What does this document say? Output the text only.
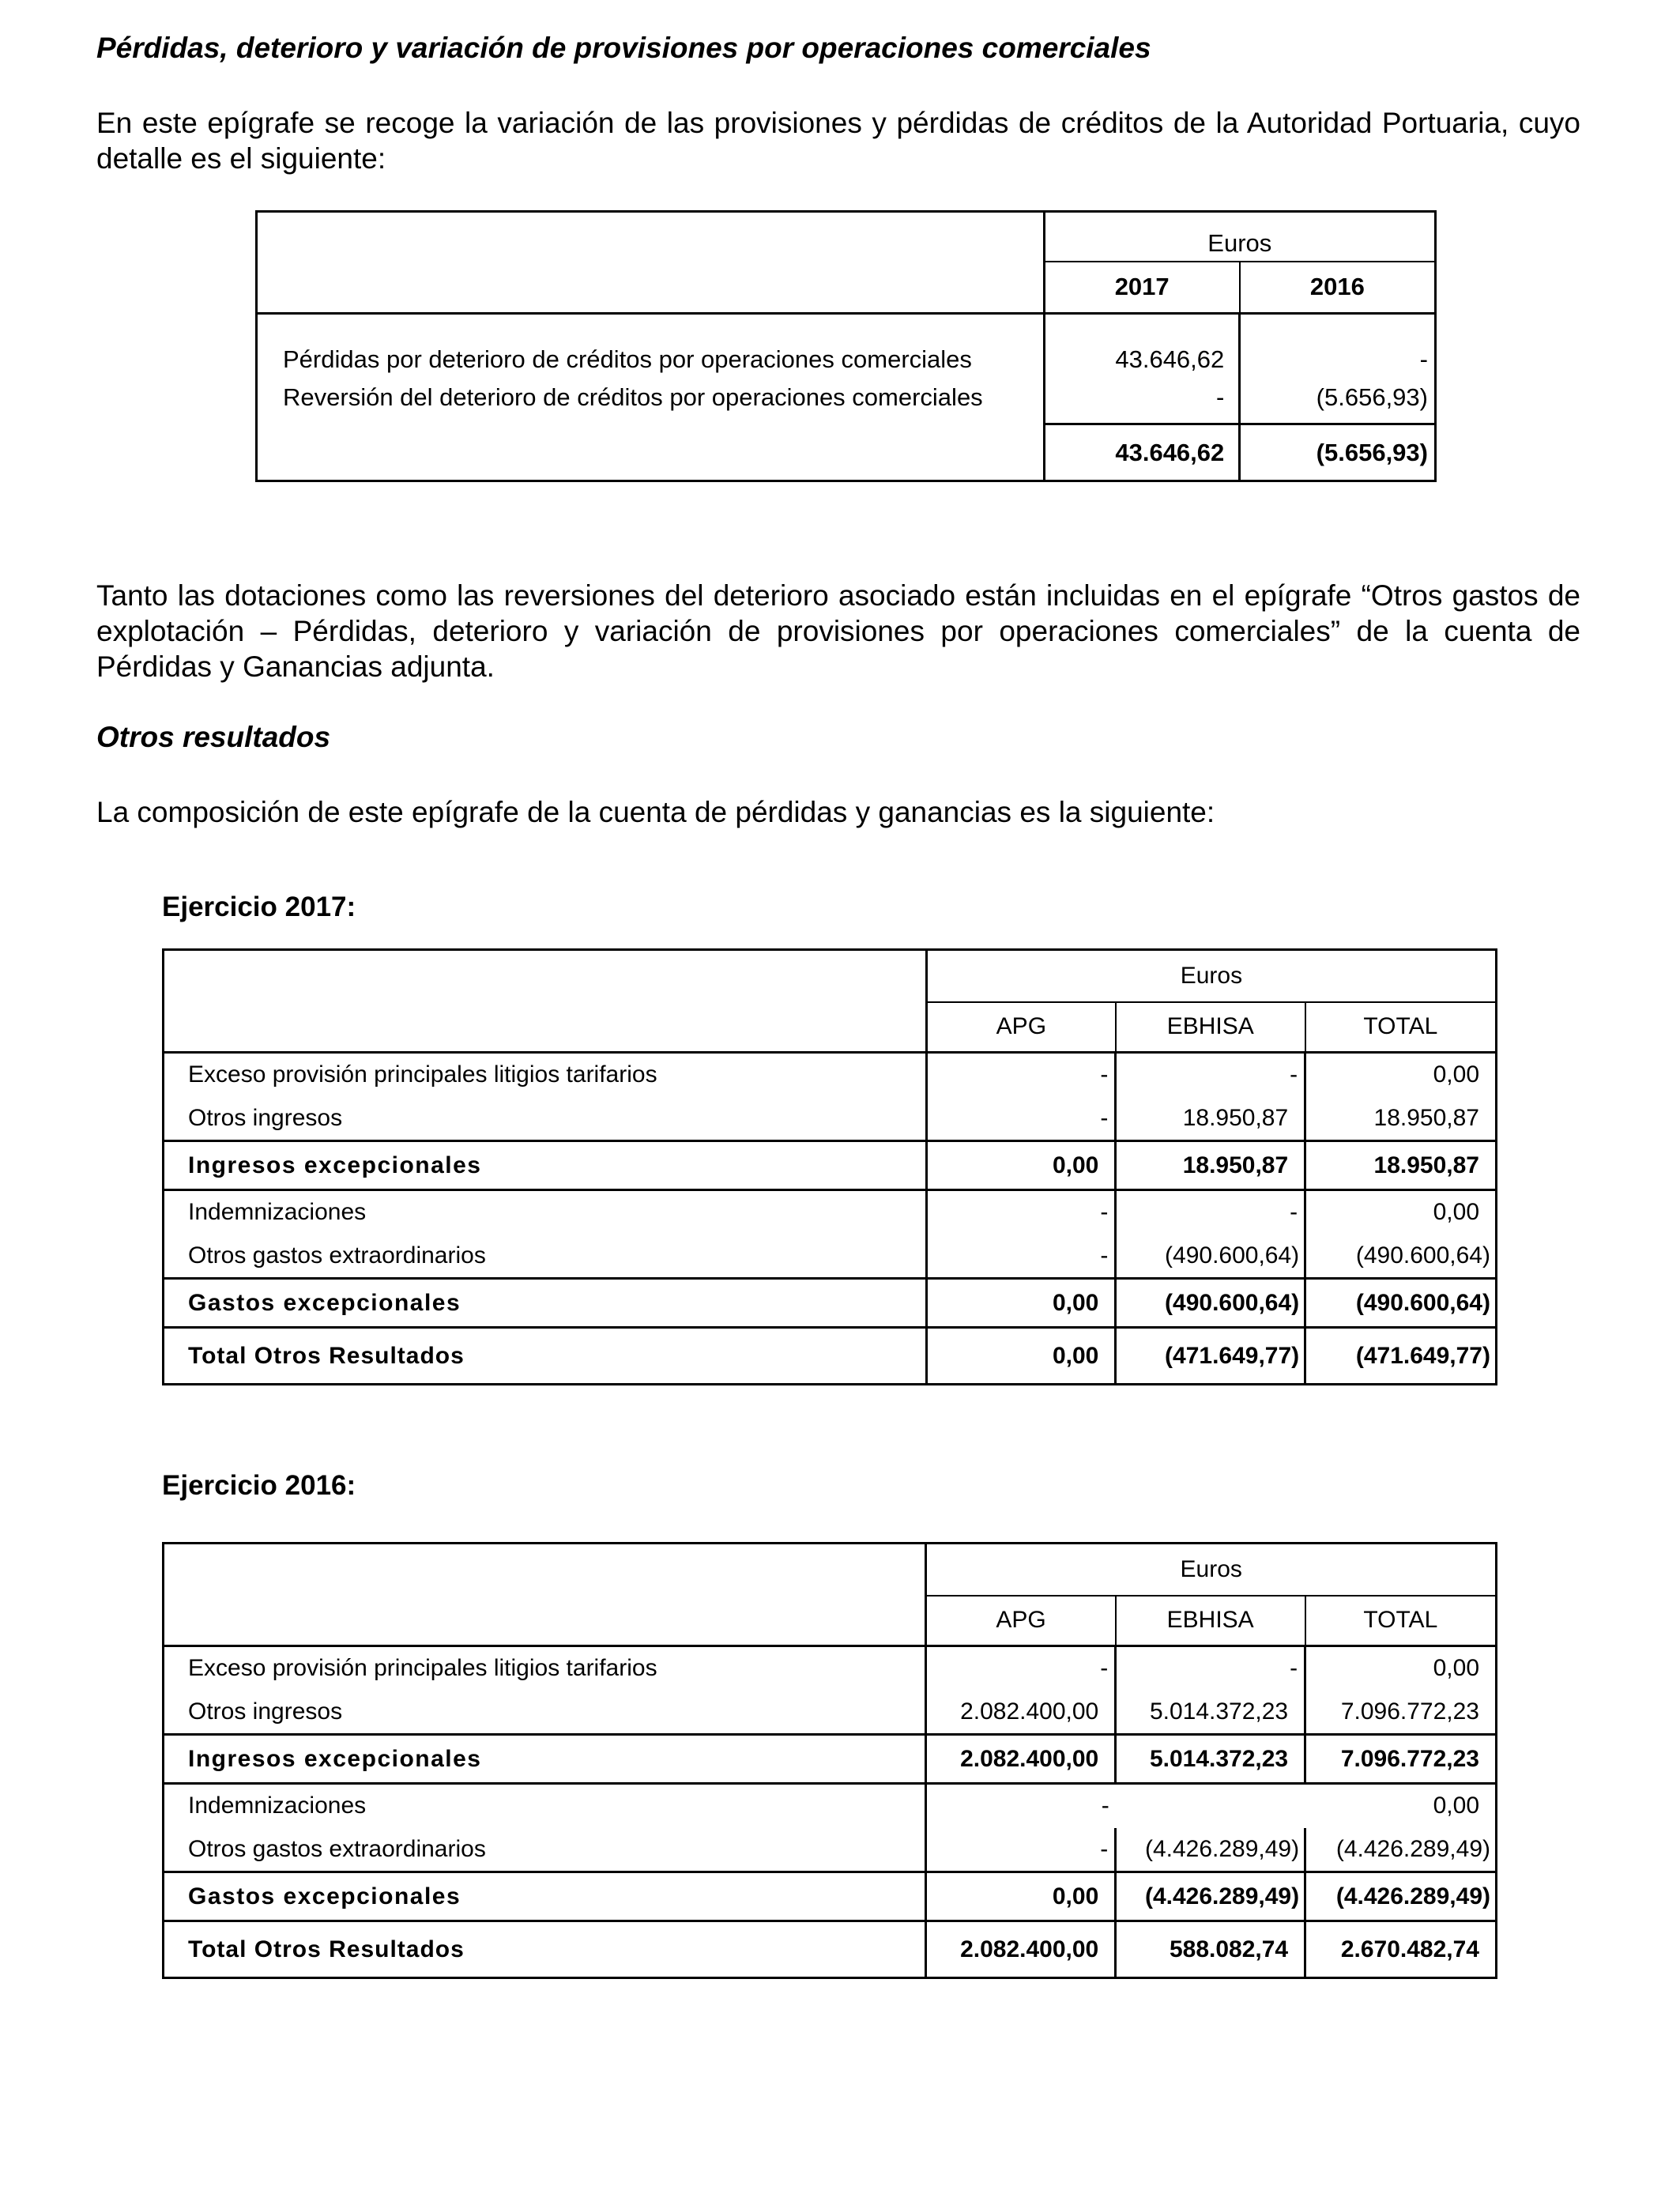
Pérdidas, deterioro y variación de provisiones por operaciones comerciales
En este epígrafe se recoge la variación de las provisiones y pérdidas de créditos de la Autoridad Portuaria, cuyo detalle es el siguiente:
	Euros	
	2017	2016
Pérdidas por deterioro de créditos por operaciones comerciales	43.646,62	-
Reversión del deterioro de créditos por operaciones comerciales	-	(5.656,93)
	43.646,62	(5.656,93)
Tanto las dotaciones como las reversiones del deterioro asociado están incluidas en el epígrafe “Otros gastos de explotación – Pérdidas, deterioro y variación de provisiones por operaciones comerciales” de la cuenta de Pérdidas y Ganancias adjunta.
Otros resultados
La composición de este epígrafe de la cuenta de pérdidas y ganancias es la siguiente:
Ejercicio 2017:
	Euros		
	APG	EBHISA	TOTAL
Exceso provisión principales litigios tarifarios	-	-	0,00
Otros ingresos	-	18.950,87	18.950,87
Ingresos excepcionales	0,00	18.950,87	18.950,87
Indemnizaciones	-	-	0,00
Otros gastos extraordinarios	-	(490.600,64)	(490.600,64)
Gastos excepcionales	0,00	(490.600,64)	(490.600,64)
Total Otros Resultados	0,00	(471.649,77)	(471.649,77)
Ejercicio 2016:
	Euros		
	APG	EBHISA	TOTAL
Exceso provisión principales litigios tarifarios	-	-	0,00
Otros ingresos	2.082.400,00	5.014.372,23	7.096.772,23
Ingresos excepcionales	2.082.400,00	5.014.372,23	7.096.772,23
Indemnizaciones	-		0,00
Otros gastos extraordinarios	-	(4.426.289,49)	(4.426.289,49)
Gastos excepcionales	0,00	(4.426.289,49)	(4.426.289,49)
Total Otros Resultados	2.082.400,00	588.082,74	2.670.482,74
